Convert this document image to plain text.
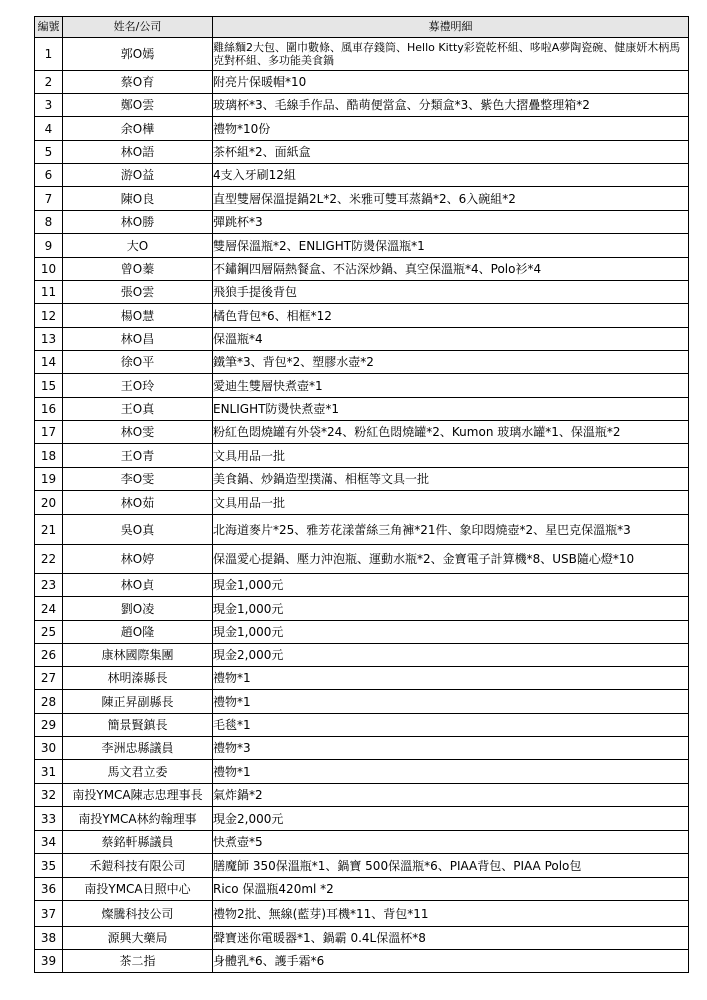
編號	姓名/公司	募禮明細
1	郭O嫣	雞絲麵2大包、圍巾數條、風車存錢筒、Hello Kitty彩瓷乾杯組、哆啦A夢陶瓷碗、健康妍木柄馬克對杯組、多功能美食鍋
2	蔡O育	附亮片保暖帽*10
3	鄭O雲	玻璃杯*3、毛線手作品、酷萌便當盒、分類盒*3、紫色大摺疊整理箱*2
4	余O樺	禮物*10份
5	林O語	茶杯組*2、面紙盒
6	游O益	4支入牙刷12組
7	陳O良	直型雙層保溫提鍋2L*2、米雅可雙耳蒸鍋*2、6入碗組*2
8	林O勝	彈跳杯*3
9	大O	雙層保溫瓶*2、ENLIGHT防燙保溫瓶*1
10	曾O蓁	不鏽鋼四層隔熱餐盒、不沾深炒鍋、真空保溫瓶*4、Polo衫*4
11	張O雲	飛狼手提後背包
12	楊O慧	橘色背包*6、相框*12
13	林O昌	保溫瓶*4
14	徐O平	鐵筆*3、背包*2、塑膠水壺*2
15	王O玲	愛迪生雙層快煮壺*1
16	王O真	ENLIGHT防燙快煮壺*1
17	林O雯	粉紅色悶燒罐有外袋*24、粉紅色悶燒罐*2、Kumon 玻璃水罐*1、保溫瓶*2
18	王O青	文具用品一批
19	李O雯	美食鍋、炒鍋造型撲滿、相框等文具一批
20	林O茹	文具用品一批
21	吳O真	北海道麥片*25、雅芳花漾蕾絲三角褲*21件、象印悶燒壺*2、星巴克保溫瓶*3
22	林O婷	保溫愛心提鍋、壓力沖泡瓶、運動水瓶*2、金寶電子計算機*8、USB隨心燈*10
23	林O貞	現金1,000元
24	劉O凌	現金1,000元
25	趙O隆	現金1,000元
26	康林國際集團	現金2,000元
27	林明溱縣長	禮物*1
28	陳正昇副縣長	禮物*1
29	簡景賢鎮長	毛毯*1
30	李洲忠縣議員	禮物*3
31	馬文君立委	禮物*1
32	南投YMCA陳志忠理事長	氣炸鍋*2
33	南投YMCA林約翰理事	現金2,000元
34	蔡銘軒縣議員	快煮壺*5
35	禾鎧科技有限公司	膳魔師 350保溫瓶*1、鍋寶 500保溫瓶*6、PIAA背包、PIAA Polo包
36	南投YMCA日照中心	Rico 保溫瓶420ml *2
37	燦騰科技公司	禮物2批、無線(藍芽)耳機*11、背包*11
38	源興大藥局	聲寶迷你電暖器*1、鍋霸 0.4L保溫杯*8
39	茶二指	身體乳*6、護手霜*6
